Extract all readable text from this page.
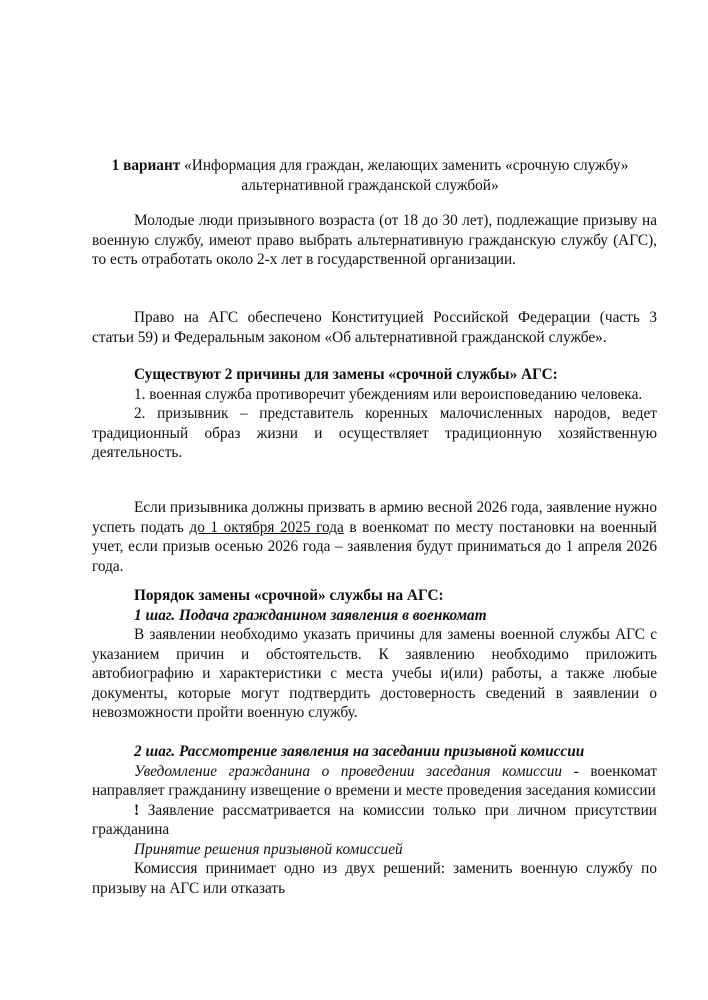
1 вариант «Информация для граждан, желающих заменить «срочную службу» альтернативной гражданской службой»

Молодые люди призывного возраста (от 18 до 30 лет), подлежащие призыву на военную службу, имеют право выбрать альтернативную гражданскую службу (АГС), то есть отработать около 2-х лет в государственной организации.

Право на АГС обеспечено Конституцией Российской Федерации (часть 3 статьи 59) и Федеральным законом «Об альтернативной гражданской службе».

Существуют 2 причины для замены «срочной службы» АГС:

1. военная служба противоречит убеждениям или вероисповеданию человека.

2. призывник – представитель коренных малочисленных народов, ведет традиционный образ жизни и осуществляет традиционную хозяйственную деятельность.

Если призывника должны призвать в армию весной 2026 года, заявление нужно успеть подать до 1 октября 2025 года в военкомат по месту постановки на военный учет, если призыв осенью 2026 года – заявления будут приниматься до 1 апреля 2026 года.

Порядок замены «срочной» службы на АГС:

1 шаг. Подача гражданином заявления в военкомат

В заявлении необходимо указать причины для замены военной службы АГС с указанием причин и обстоятельств. К заявлению необходимо приложить автобиографию и характеристики с места учебы и(или) работы, а также любые документы, которые могут подтвердить достоверность сведений в заявлении о невозможности пройти военную службу.

2 шаг. Рассмотрение заявления на заседании призывной комиссии

Уведомление гражданина о проведении заседания комиссии - военкомат направляет гражданину извещение о времени и месте проведения заседания комиссии

! Заявление рассматривается на комиссии только при личном присутствии гражданина

Принятие решения призывной комиссией

Комиссия принимает одно из двух решений: заменить военную службу по призыву на АГС или отказать
